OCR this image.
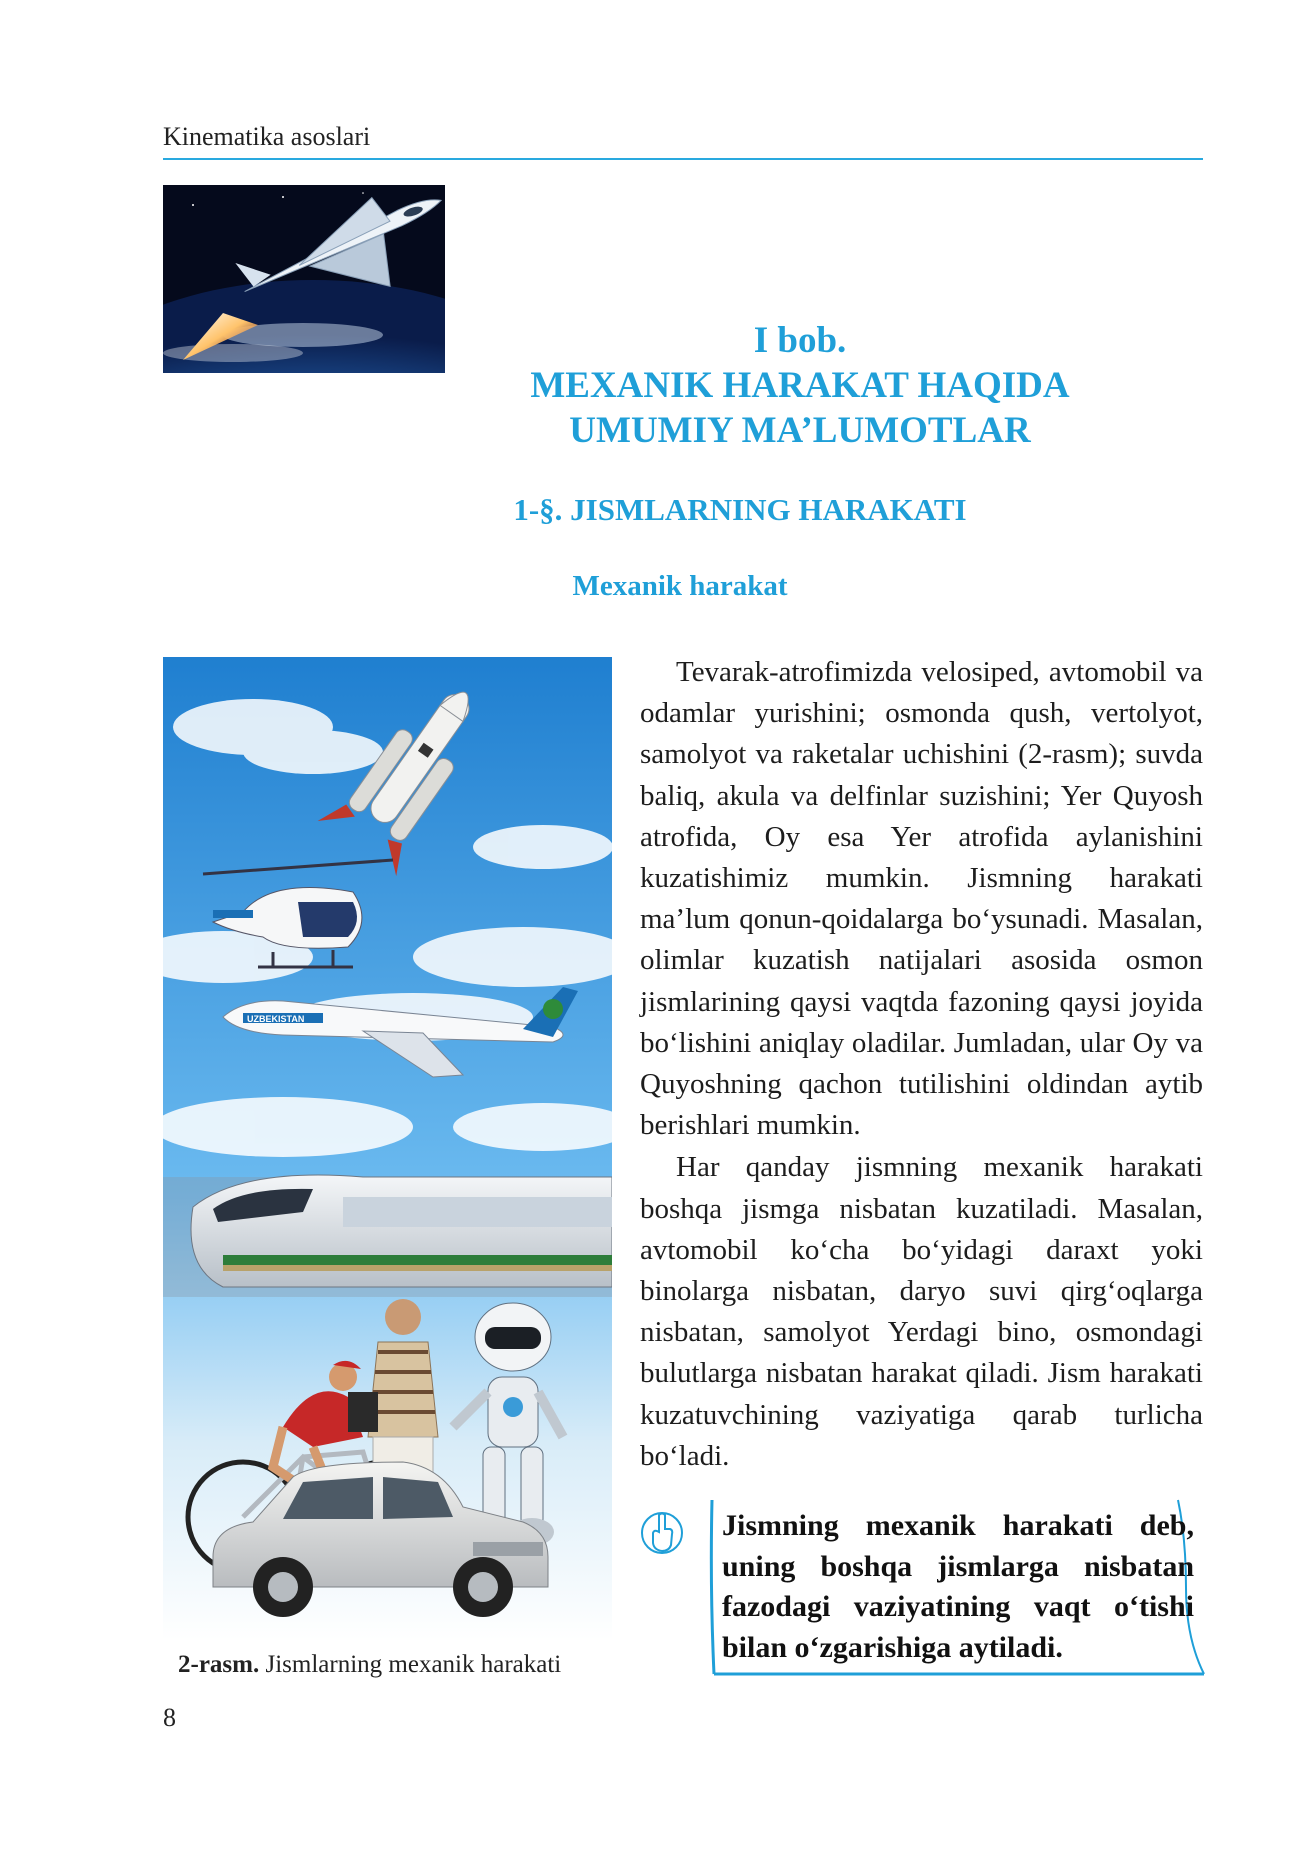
Kinematika asoslari
I bob.
MEXANIK HARAKAT HAQIDA
UMUMIY MA’LUMOTLAR
1-§. JISMLARNING HARAKATI
Mexanik harakat
UZBEKISTAN
2-rasm. Jismlarning mexanik harakati

Tevarak-atrofimizda velosiped, avtomobil va odamlar yurishini; osmonda qush, vertolyot, samolyot va raketalar uchishini (2-rasm); suvda baliq, akula va delfinlar suzishini; Yer Quyosh atrofida, Oy esa Yer atrofida aylanishini kuzatishimiz mumkin. Jismning harakati ma’lum qonun-qoidalarga bo‘ysunadi. Masalan, olimlar kuzatish natijalari asosida osmon jismlarining qaysi vaqtda fazoning qaysi joyida bo‘lishini aniqlay oladilar. Jumladan, ular Oy va Quyoshning qachon tutilishini oldindan aytib berishlari mumkin.

Har qanday jismning mexanik harakati boshqa jismga nisbatan kuzatiladi. Masalan, avtomobil ko‘cha bo‘yidagi daraxt yoki binolarga nisbatan, daryo suvi qirg‘oqlarga nisbatan, samolyot Yerdagi bino, osmondagi bulutlarga nisbatan harakat qiladi. Jism harakati kuzatuvchining vaziyatiga qarab turlicha bo‘ladi.

Jismning mexanik harakati deb, uning boshqa jismlarga nisbatan fazodagi vaziyatining vaqt o‘tishi bilan o‘zgarishiga aytiladi.
8
